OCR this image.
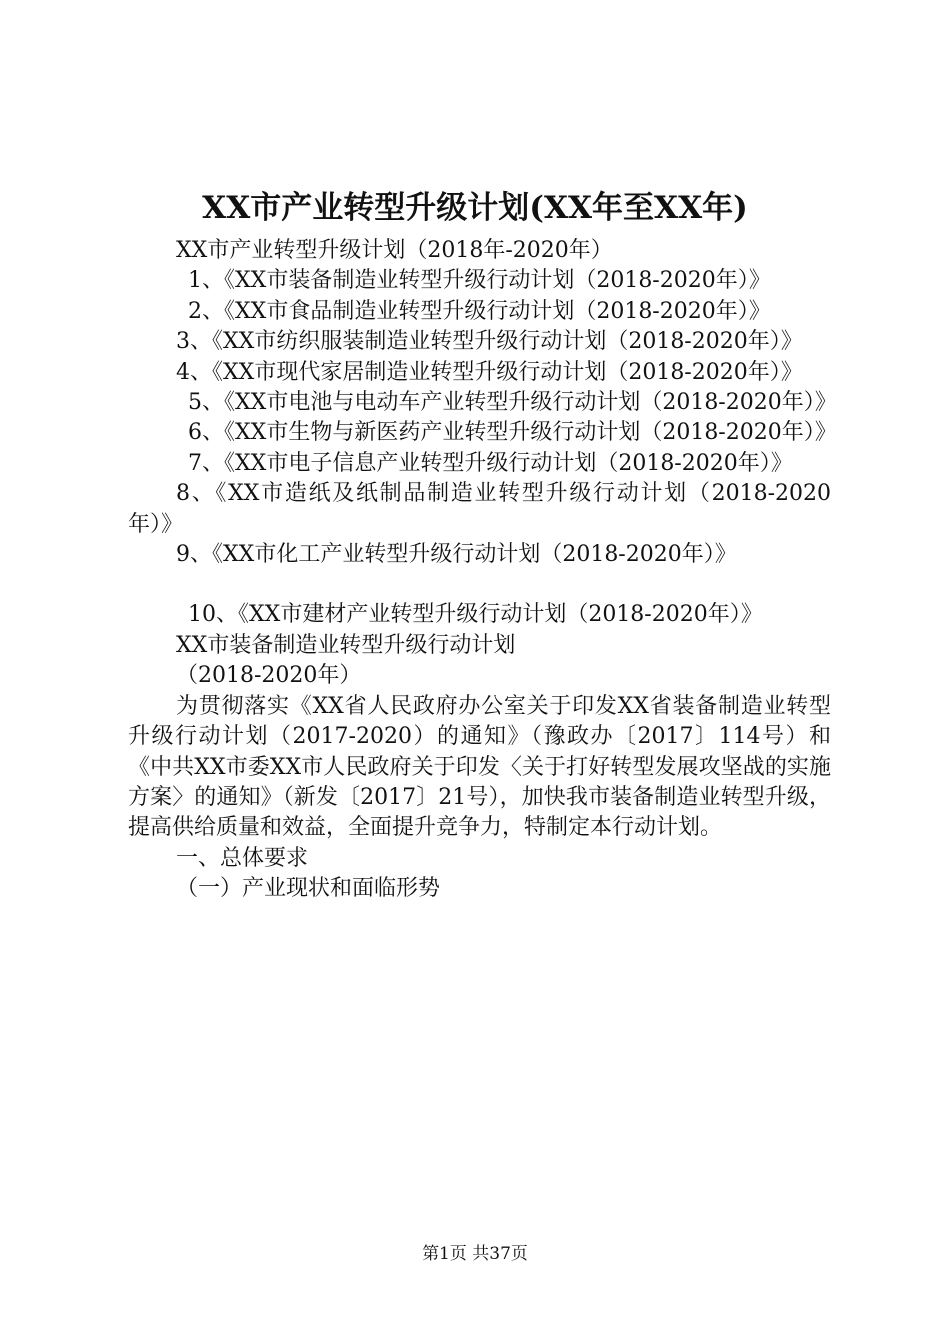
XX市产业转型升级计划(XX年至XX年)

XX市产业转型升级计划（2018年-2020年）

1、《XX市装备制造业转型升级行动计划（2018-2020年）》

2、《XX市食品制造业转型升级行动计划（2018-2020年）》

3、《XX市纺织服装制造业转型升级行动计划（2018-2020年）》

4、《XX市现代家居制造业转型升级行动计划（2018-2020年）》

5、《XX市电池与电动车产业转型升级行动计划（2018-2020年）》

6、《XX市生物与新医药产业转型升级行动计划（2018-2020年）》

7、《XX市电子信息产业转型升级行动计划（2018-2020年）》

8、《XX市造纸及纸制品制造业转型升级行动计划（2018-2020年）》

9、《XX市化工产业转型升级行动计划（2018-2020年）》

10、《XX市建材产业转型升级行动计划（2018-2020年）》

XX市装备制造业转型升级行动计划

（2018-2020年）

为贯彻落实《XX省人民政府办公室关于印发XX省装备制造业转型升级行动计划（2017-2020）的通知》（豫政办〔2017〕114号）和《中共XX市委XX市人民政府关于印发〈关于打好转型发展攻坚战的实施方案〉的通知》（新发〔2017〕21号），加快我市装备制造业转型升级，提高供给质量和效益，全面提升竞争力，特制定本行动计划。

一、总体要求

（一）产业现状和面临形势

第1页 共37页
